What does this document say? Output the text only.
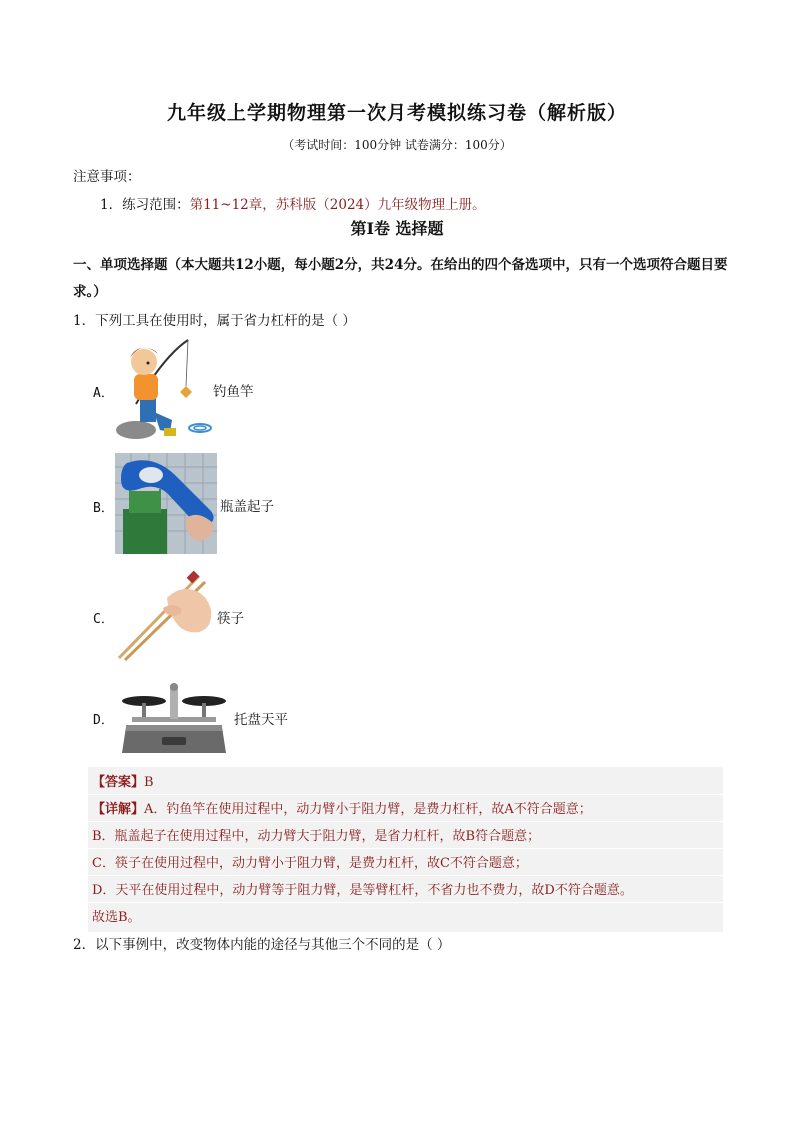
九年级上学期物理第一次月考模拟练习卷（解析版）
（考试时间：100分钟 试卷满分：100分）
注意事项：
1．练习范围：第11~12章，苏科版（2024）九年级物理上册。
第Ⅰ卷 选择题
一、单项选择题（本大题共12小题，每小题2分，共24分。在给出的四个备选项中，只有一个选项符合题目要求。）
1．下列工具在使用时，属于省力杠杆的是（ ）
A．	钓鱼竿
B．	瓶盖起子
C．	筷子
D．	托盘天平
【答案】B
【详解】A．钓鱼竿在使用过程中，动力臂小于阻力臂，是费力杠杆，故A不符合题意；
B．瓶盖起子在使用过程中，动力臂大于阻力臂，是省力杠杆，故B符合题意；
C．筷子在使用过程中，动力臂小于阻力臂，是费力杠杆，故C不符合题意；
D．天平在使用过程中，动力臂等于阻力臂，是等臂杠杆，不省力也不费力，故D不符合题意。
故选B。
2．以下事例中，改变物体内能的途径与其他三个不同的是（ ）
